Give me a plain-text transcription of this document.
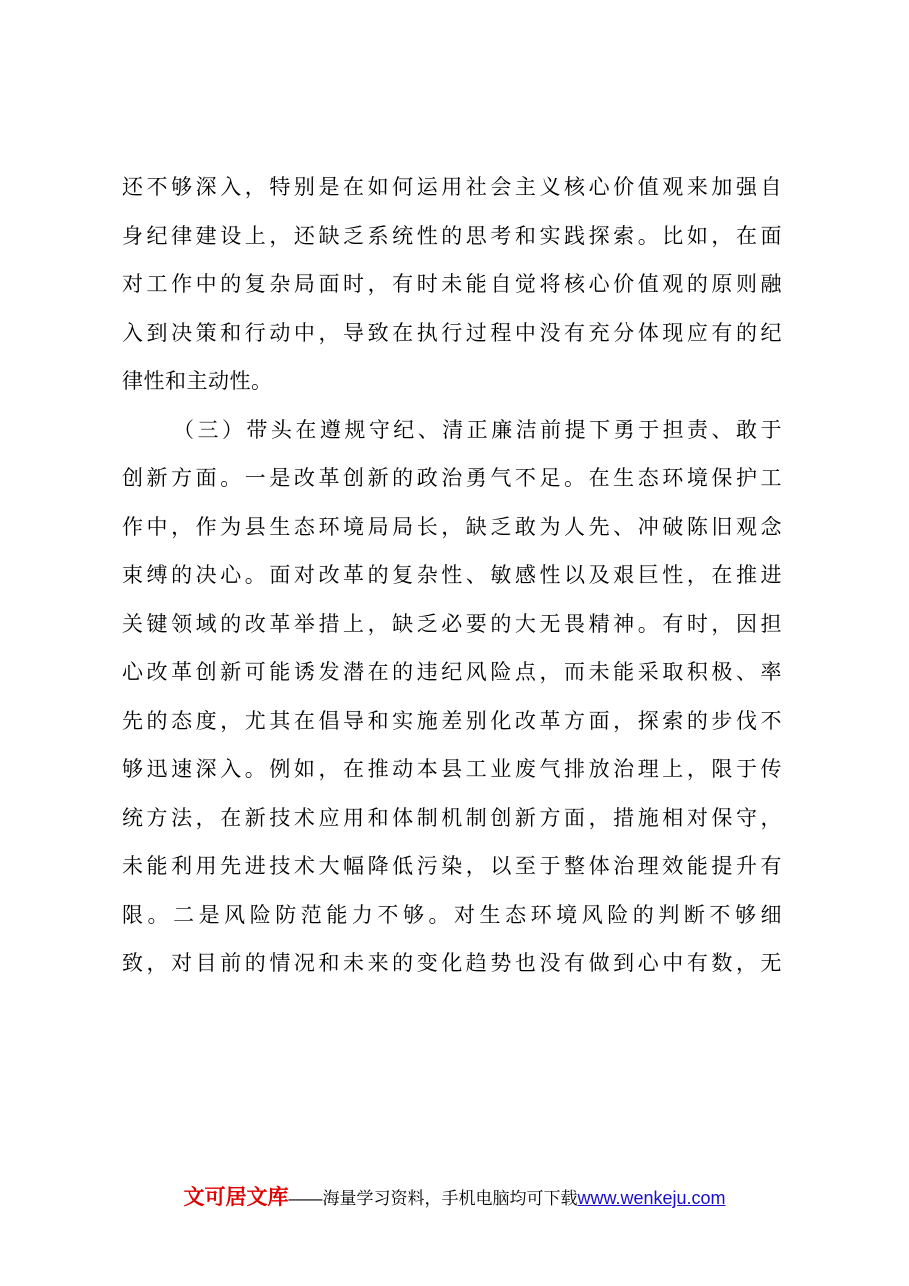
还不够深入，特别是在如何运用社会主义核心价值观来加强自
身纪律建设上，还缺乏系统性的思考和实践探索。比如，在面
对工作中的复杂局面时，有时未能自觉将核心价值观的原则融
入到决策和行动中，导致在执行过程中没有充分体现应有的纪
律性和主动性。
（三）带头在遵规守纪、清正廉洁前提下勇于担责、敢于
创新方面。一是改革创新的政治勇气不足。在生态环境保护工
作中，作为县生态环境局局长，缺乏敢为人先、冲破陈旧观念
束缚的决心。面对改革的复杂性、敏感性以及艰巨性，在推进
关键领域的改革举措上，缺乏必要的大无畏精神。有时，因担
心改革创新可能诱发潜在的违纪风险点，而未能采取积极、率
先的态度，尤其在倡导和实施差别化改革方面，探索的步伐不
够迅速深入。例如，在推动本县工业废气排放治理上，限于传
统方法，在新技术应用和体制机制创新方面，措施相对保守，
未能利用先进技术大幅降低污染，以至于整体治理效能提升有
限。二是风险防范能力不够。对生态环境风险的判断不够细
致，对目前的情况和未来的变化趋势也没有做到心中有数，无
文可居文库——海量学习资料，手机电脑均可下载www.wenkeju.com
